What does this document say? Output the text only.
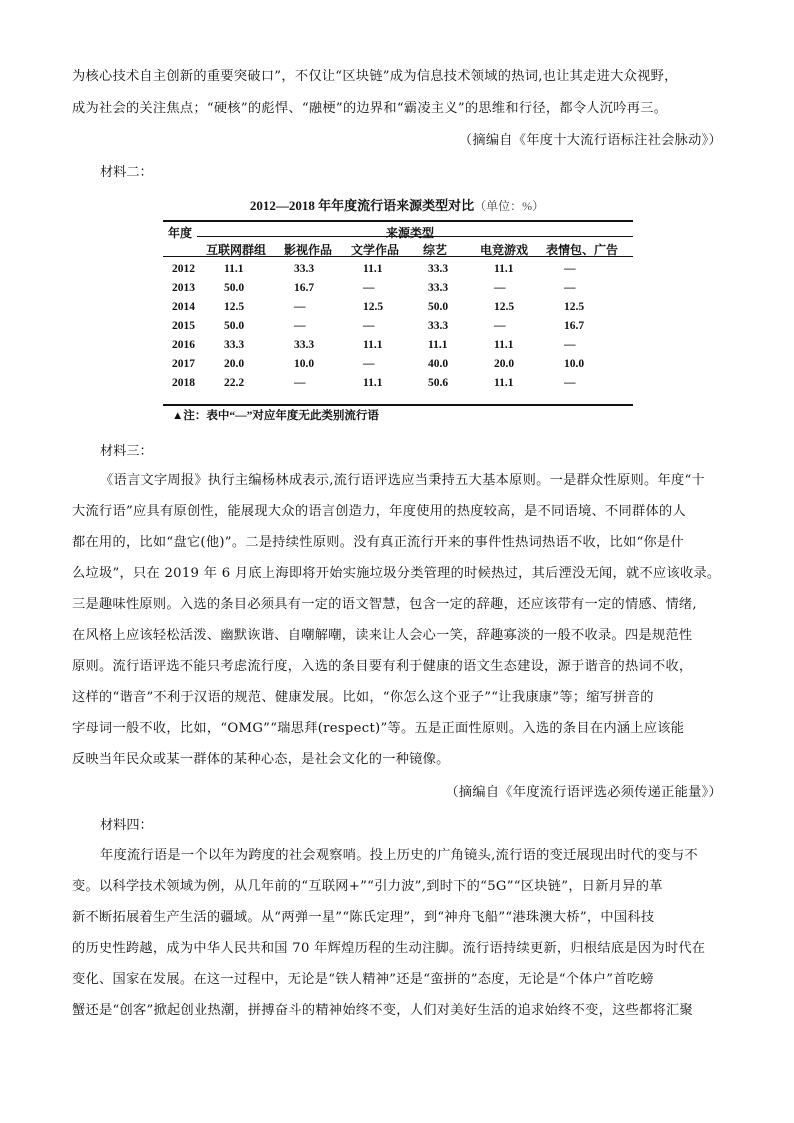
为核心技术自主创新的重要突破口”，不仅让“区块链”成为信息技术领域的热词,也让其走进大众视野，
成为社会的关注焦点；“硬核”的彪悍、“融梗”的边界和“霸凌主义”的思维和行径，都令人沉吟再三。
（摘编自《年度十大流行语标注社会脉动》）
材料二：
2012—2018 年年度流行语来源类型对比（单位：%）
年度	来源类型
互联网群组 影视作品 文学作品 综艺	电竞游戏 表情包、广告
2012	11.1	33.3	11.1	33.3	11.1	—
2013	50.0	16.7	—	33.3	—	—
2014	12.5	—	12.5	50.0	12.5	12.5
2015	50.0	—	—	33.3	—	16.7
2016	33.3	33.3	11.1	11.1	11.1	—
2017	20.0	10.0	—	40.0	20.0	10.0
2018	22.2	—	11.1	50.6	11.1	—
▲注：表中“—”对应年度无此类别流行语
材料三：
《语言文字周报》执行主编杨林成表示,流行语评选应当秉持五大基本原则。一是群众性原则。年度“十
大流行语”应具有原创性，能展现大众的语言创造力，年度使用的热度较高，是不同语境、不同群体的人
都在用的，比如“盘它(他)”。二是持续性原则。没有真正流行开来的事件性热词热语不收，比如“你是什
么垃圾”，只在 2019 年 6 月底上海即将开始实施垃圾分类管理的时候热过，其后湮没无闻，就不应该收录。
三是趣味性原则。入选的条目必须具有一定的语文智慧，包含一定的辞趣，还应该带有一定的情感、情绪,
在风格上应该轻松活泼、幽默诙谐、自嘲解嘲，读来让人会心一笑，辞趣寡淡的一般不收录。四是规范性
原则。流行语评选不能只考虑流行度，入选的条目要有利于健康的语文生态建设，源于谐音的热词不收，
这样的“谐音”不利于汉语的规范、健康发展。比如，“你怎么这个亚子”“让我康康”等；缩写拼音的
字母词一般不收，比如，“OMG”“瑞思拜(respect)”等。五是正面性原则。入选的条目在内涵上应该能
反映当年民众或某一群体的某种心态，是社会文化的一种镜像。
（摘编自《年度流行语评选必须传递正能量》）
材料四：
年度流行语是一个以年为跨度的社会观察哨。投上历史的广角镜头,流行语的变迁展现出时代的变与不
变。以科学技术领域为例，从几年前的“互联网+”“引力波”,到时下的“5G”“区块链”，日新月异的革
新不断拓展着生产生活的疆域。从“两弹一星”“陈氏定理”，到“神舟飞船”“港珠澳大桥”，中国科技
的历史性跨越，成为中华人民共和国 70 年辉煌历程的生动注脚。流行语持续更新，归根结底是因为时代在
变化、国家在发展。在这一过程中，无论是“铁人精神”还是“蛮拼的”态度，无论是“个体户”首吃螃
蟹还是“创客”掀起创业热潮，拼搏奋斗的精神始终不变，人们对美好生活的追求始终不变，这些都将汇聚
